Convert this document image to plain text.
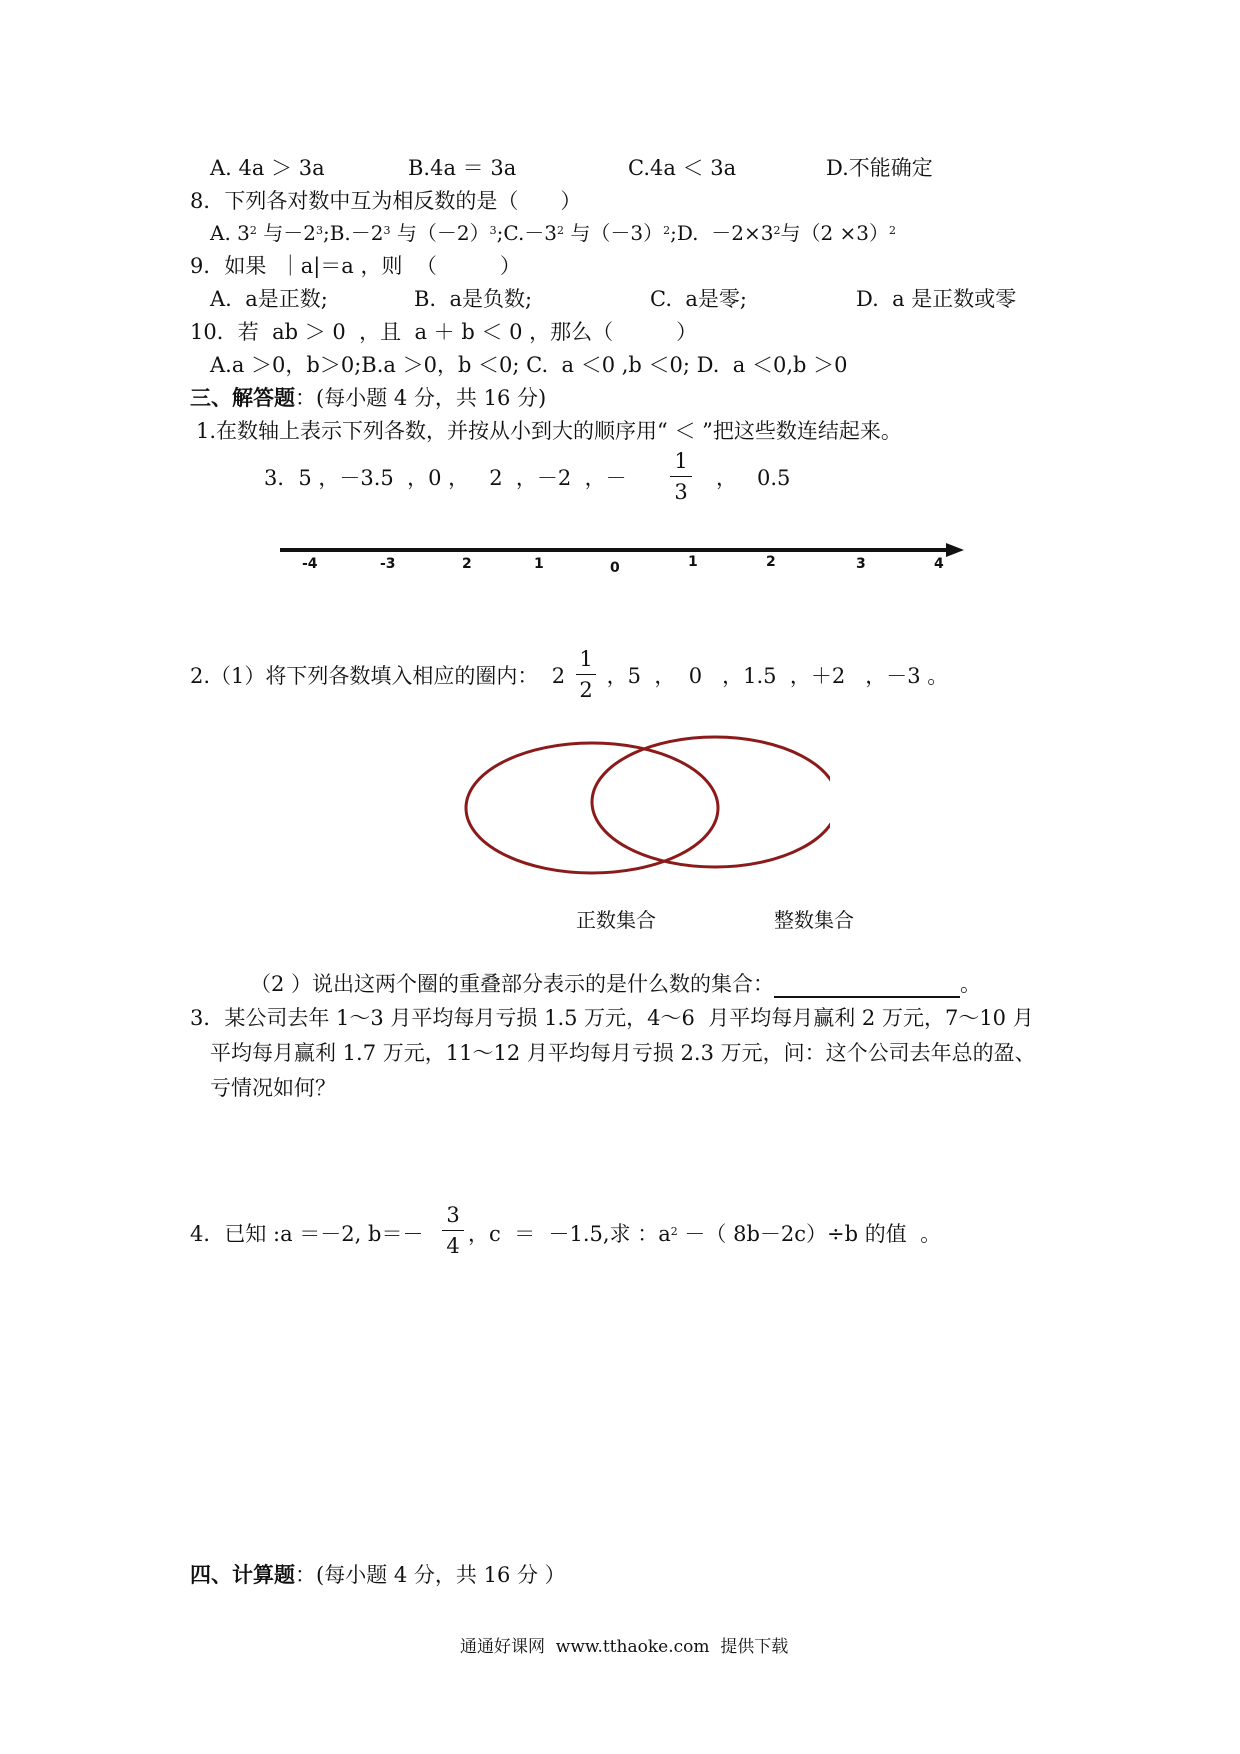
A. 4a ＞ 3a	B.4a ＝ 3a	C.4a ＜ 3a	D.不能确定
8．下列各对数中互为相反数的是（　　）
A. $3^2$ 与$-2^3;B.-2^3$ 与$(-2)^3;C.-3^2$ 与$(-3)^2;D$.  $-2\times 3^2$与$(2 \times 3)^2$
9．如果  ｜a|＝a ，则  （　　　）
A.  a是正数;	B.  a是负数;	C.  a是零;	D.  a 是正数或零
10．若  ab ＞ 0  ，且  a ＋ b ＜ 0 ，那么（　　　）
A.a ＞0，b＞0;B.a ＞0，b ＜0; C.  a ＜0 ,b ＜0; D.  a ＜0,b ＞0
三、解答题：(每小题 4 分，共 16 分)
1.在数轴上表示下列各数，并按从小到大的顺序用“ ＜ ”把这些数连结起来。
3．5 ，－3.5  ，0 ，   2  ，－2  ，－
1
3
，   0.5
-4	-3	2	1	0	1	2	3	4
2.（1）将下列各数填入相应的圈内：  2
1
2
，5  ，  0   ，1.5  ，＋2   ，－3 。
正数集合	整数集合
（2 ）说出这两个圈的重叠部分表示的是什么数的集合：	。
3．某公司去年 1～3 月平均每月亏损 1.5 万元，4～6  月平均每月赢利 2 万元，7～10 月
平均每月赢利 1.7 万元，11～12 月平均每月亏损 2.3 万元，问：这个公司去年总的盈、
亏情况如何？
4．已知 :a ＝－2, b＝－
3
4 ，c  ＝  －1.5,求 ：$a^2$ －（ 8b－2c）÷b 的值  。
四、计算题：(每小题 4 分，共 16 分 ）
通通好课网  www.tthaoke.com  提供下载
